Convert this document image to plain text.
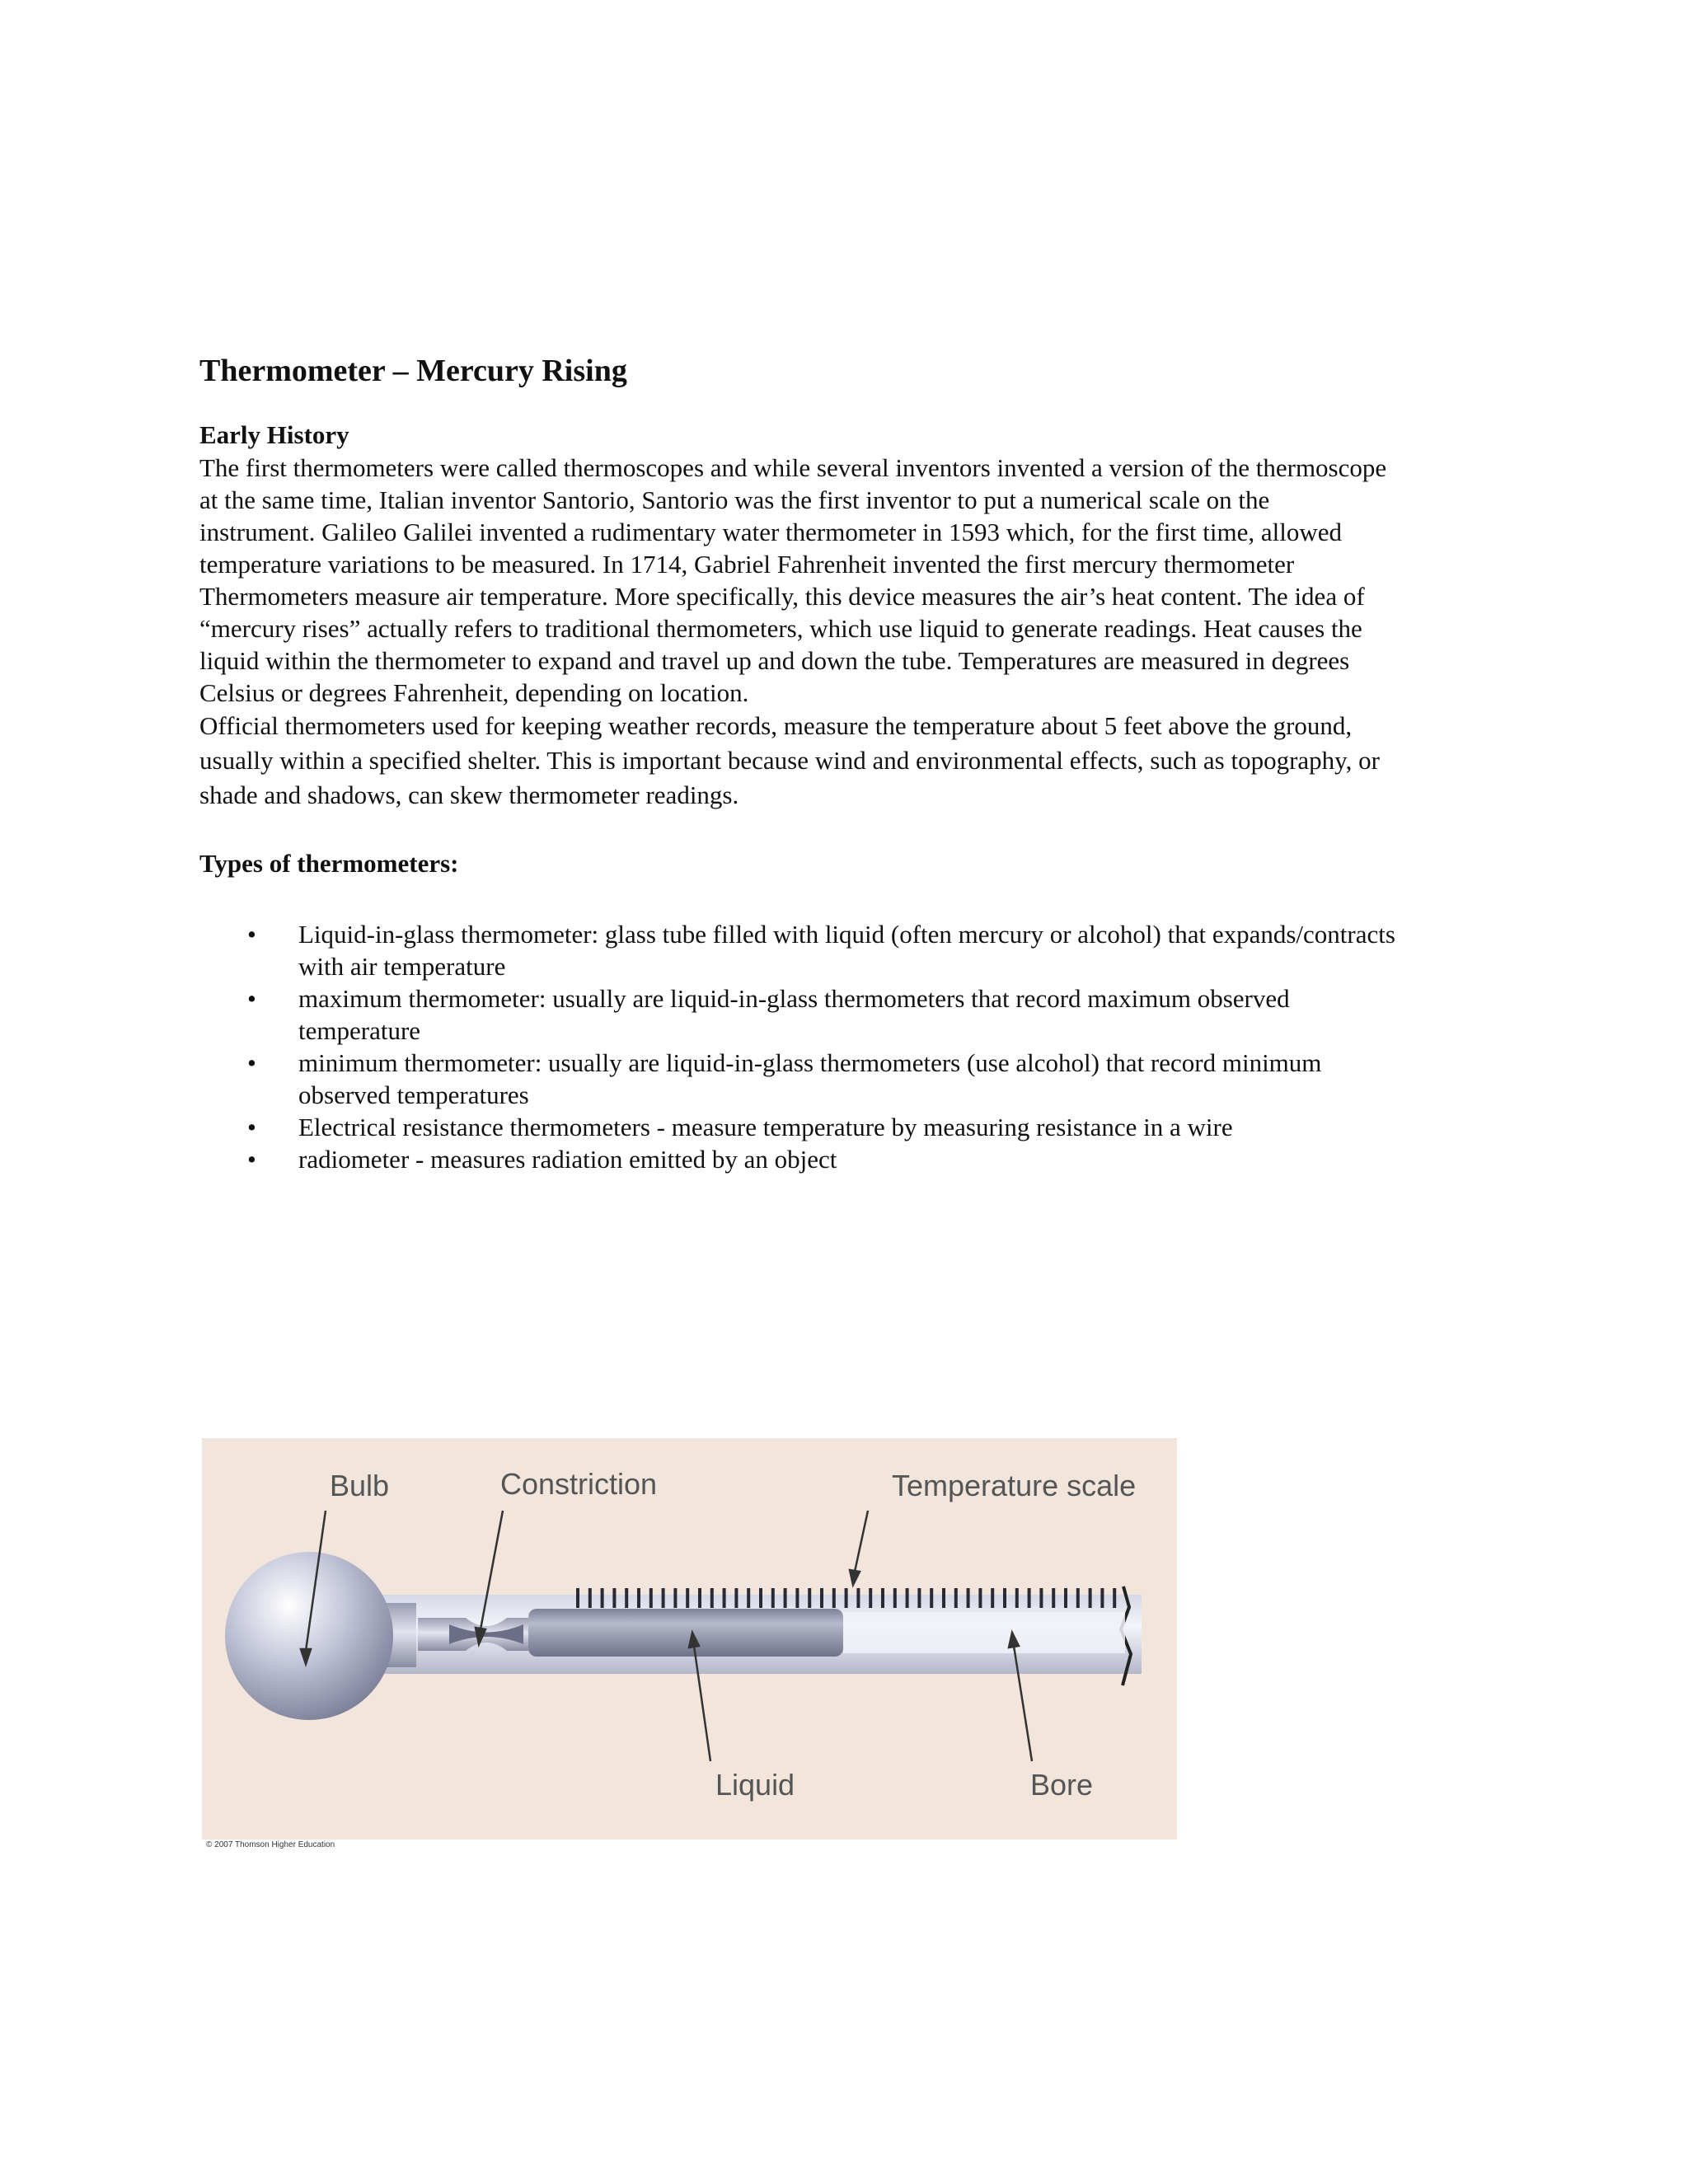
Thermometer – Mercury Rising
Early History

The first thermometers were called thermoscopes and while several inventors invented a version of the thermoscope
at the same time, Italian inventor Santorio, Santorio was the first inventor to put a numerical scale on the
instrument. Galileo Galilei invented a rudimentary water thermometer in 1593 which, for the first time, allowed
temperature variations to be measured. In 1714, Gabriel Fahrenheit invented the first mercury thermometer

Thermometers measure air temperature. More specifically, this device measures the air’s heat content. The idea of
“mercury rises” actually refers to traditional thermometers, which use liquid to generate readings. Heat causes the
liquid within the thermometer to expand and travel up and down the tube. Temperatures are measured in degrees
Celsius or degrees Fahrenheit, depending on location.

Official thermometers used for keeping weather records, measure the temperature about 5 feet above the ground,
usually within a specified shelter. This is important because wind and environmental effects, such as topography, or
shade and shadows, can skew thermometer readings.

Types of thermometers:
• Liquid-in-glass thermometer: glass tube filled with liquid (often mercury or alcohol) that expands/contracts
with air temperature
• maximum thermometer: usually are liquid-in-glass thermometers that record maximum observed
temperature
• minimum thermometer: usually are liquid-in-glass thermometers (use alcohol) that record minimum
observed temperatures
• Electrical resistance thermometers - measure temperature by measuring resistance in a wire
• radiometer - measures radiation emitted by an object
Bulb	Constriction	Temperature scale
Liquid	Bore
© 2007 Thomson Higher Education
